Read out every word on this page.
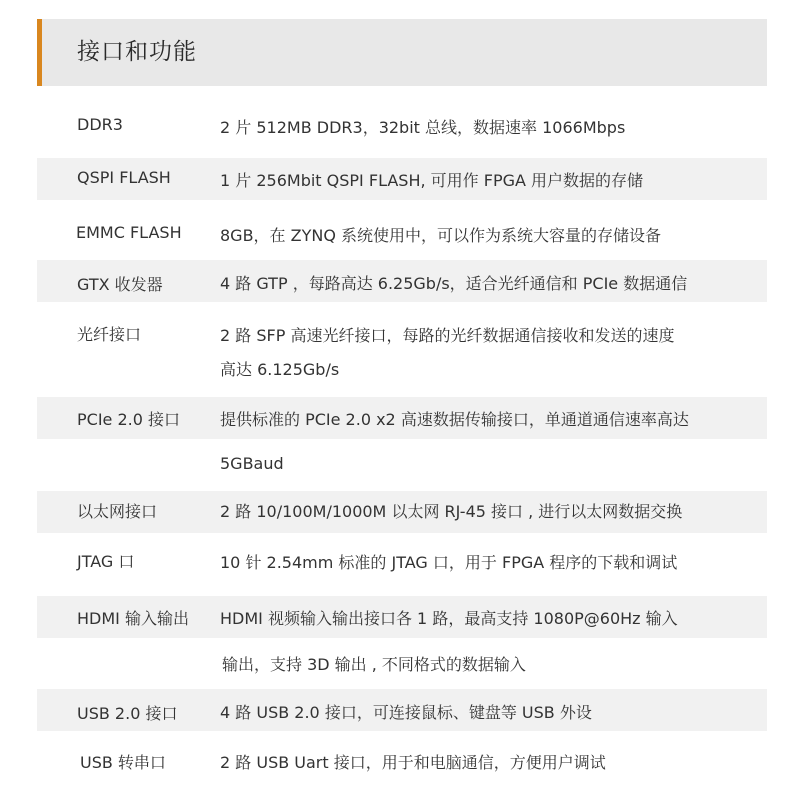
接口和功能
DDR3	2 片 512MB DDR3，32bit 总线，数据速率 1066Mbps
QSPI FLASH	1 片 256Mbit QSPI FLASH, 可用作 FPGA 用户数据的存储
EMMC FLASH 8GB，在 ZYNQ 系统使用中，可以作为系统大容量的存储设备
GTX 收发器	4 路 GTP ，每路高达 6.25Gb/s，适合光纤通信和 PCIe 数据通信
光纤接口	2 路 SFP 高速光纤接口，每路的光纤数据通信接收和发送的速度
高达 6.125Gb/s
PCIe 2.0 接口 提供标准的 PCIe 2.0 x2 高速数据传输接口，单通道通信速率高达
5GBaud
以太网接口	2 路 10/100M/1000M 以太网 RJ-45 接口 , 进行以太网数据交换
JTAG 口	10 针 2.54mm 标准的 JTAG 口，用于 FPGA 程序的下载和调试
HDMI 输入输出 HDMI 视频输入输出接口各 1 路，最高支持 1080P@60Hz 输入
输出，支持 3D 输出 , 不同格式的数据输入
USB 2.0 接口	4 路 USB 2.0 接口，可连接鼠标、键盘等 USB 外设
USB 转串口	2 路 USB Uart 接口，用于和电脑通信，方便用户调试
